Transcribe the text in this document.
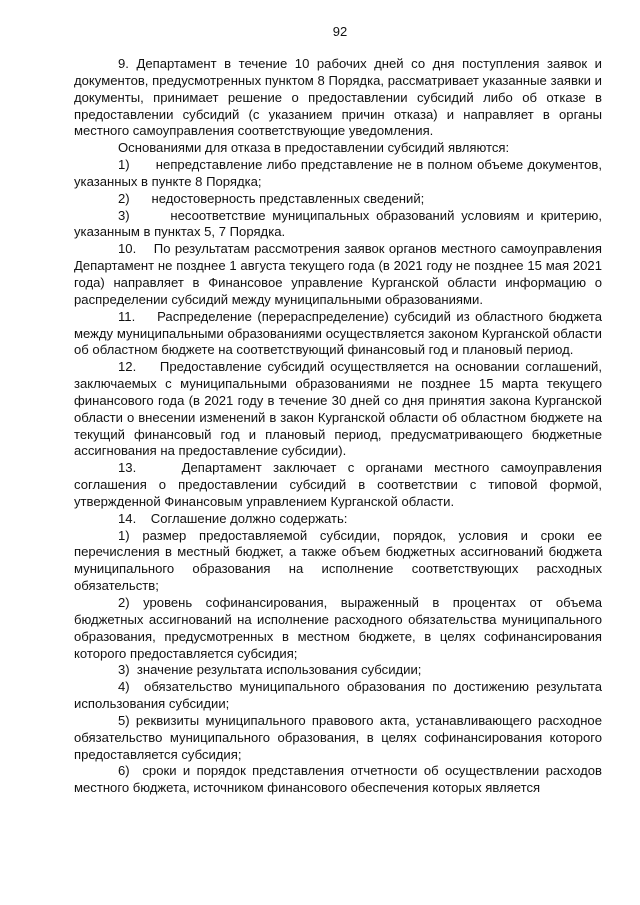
92

9. Департамент в течение 10 рабочих дней со дня поступления заявок и документов, предусмотренных пунктом 8 Порядка, рассматривает указанные заявки и документы, принимает решение о предоставлении субсидий либо об отказе в предоставлении субсидий (с указанием причин отказа) и направляет в органы местного самоуправления соответствующие уведомления.

Основаниями для отказа в предоставлении субсидий являются:

1)      непредставление либо представление не в полном объеме документов, указанных в пункте 8 Порядка;

2)      недостоверность представленных сведений;

3)      несоответствие муниципальных образований условиям и критерию, указанным в пунктах 5, 7 Порядка.

10.    По результатам рассмотрения заявок органов местного самоуправления Департамент не позднее 1 августа текущего года (в 2021 году не позднее 15 мая 2021 года) направляет в Финансовое управление Курганской области информацию о распределении субсидий между муниципальными образованиями.

11.    Распределение (перераспределение) субсидий из областного бюджета между муниципальными образованиями осуществляется законом Курганской области об областном бюджете на соответствующий финансовый год и плановый период.

12.    Предоставление субсидий осуществляется на основании соглашений, заключаемых с муниципальными образованиями не позднее 15 марта текущего финансового года (в 2021 году в течение 30 дней со дня принятия закона Курганской области о внесении изменений в закон Курганской области об областном бюджете на текущий финансовый год и плановый период, предусматривающего бюджетные ассигнования на предоставление субсидии).

13.    Департамент заключает с органами местного самоуправления соглашения о предоставлении субсидий в соответствии с типовой формой, утвержденной Финансовым управлением Курганской области.

14.    Соглашение должно содержать:

1) размер предоставляемой субсидии, порядок, условия и сроки ее перечисления в местный бюджет, а также объем бюджетных ассигнований бюджета муниципального образования на исполнение соответствующих расходных обязательств;

2) уровень софинансирования, выраженный в процентах от объема бюджетных ассигнований на исполнение расходного обязательства муниципального образования, предусмотренных в местном бюджете, в целях софинансирования которого предоставляется субсидия;

3)  значение результата использования субсидии;

4)  обязательство муниципального образования по достижению результата использования субсидии;

5) реквизиты муниципального правового акта, устанавливающего расходное обязательство муниципального образования, в целях софинансирования которого предоставляется субсидия;

6)  сроки и порядок представления отчетности об осуществлении расходов местного бюджета, источником финансового обеспечения которых является
